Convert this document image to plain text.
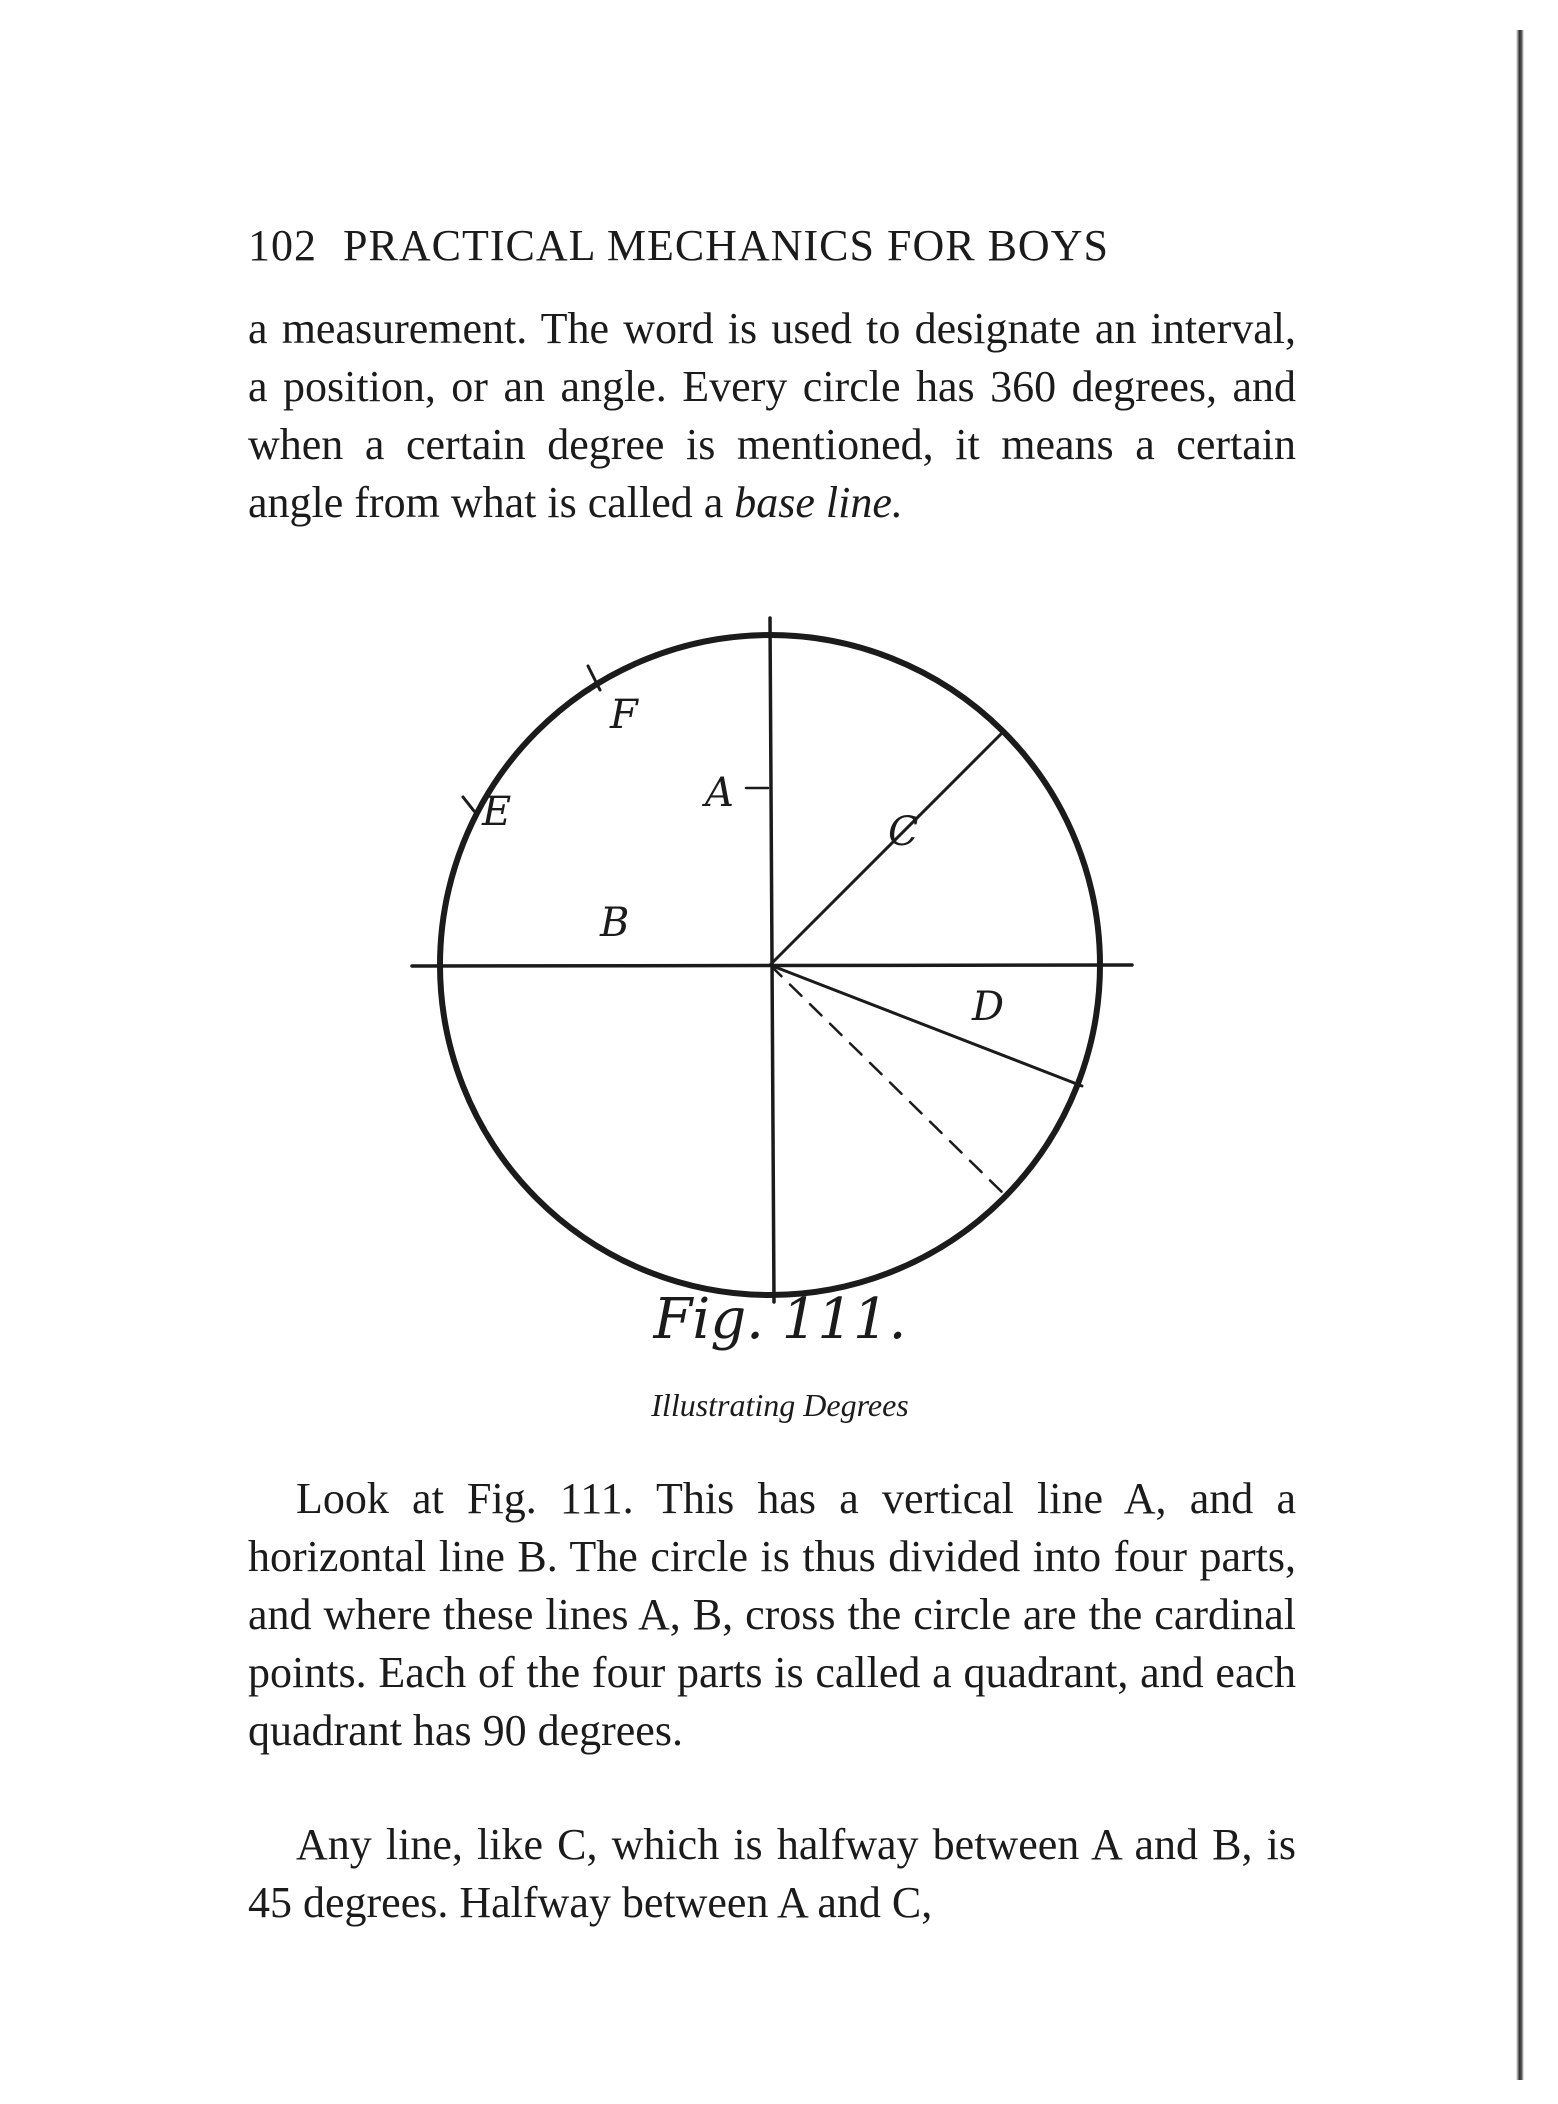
102 PRACTICAL MECHANICS FOR BOYS

a measurement. The word is used to designate an interval, a position, or an angle. Every circle has 360 degrees, and when a certain degree is mentioned, it means a certain angle from what is called a base line.

F
E	A
C
B
D
Fig. 111.
Illustrating Degrees

Look at Fig. 111. This has a vertical line A, and a horizontal line B. The circle is thus divided into four parts, and where these lines A, B, cross the circle are the cardinal points. Each of the four parts is called a quadrant, and each quadrant has 90 degrees.

Any line, like C, which is halfway between A and B, is 45 degrees. Halfway between A and C,
